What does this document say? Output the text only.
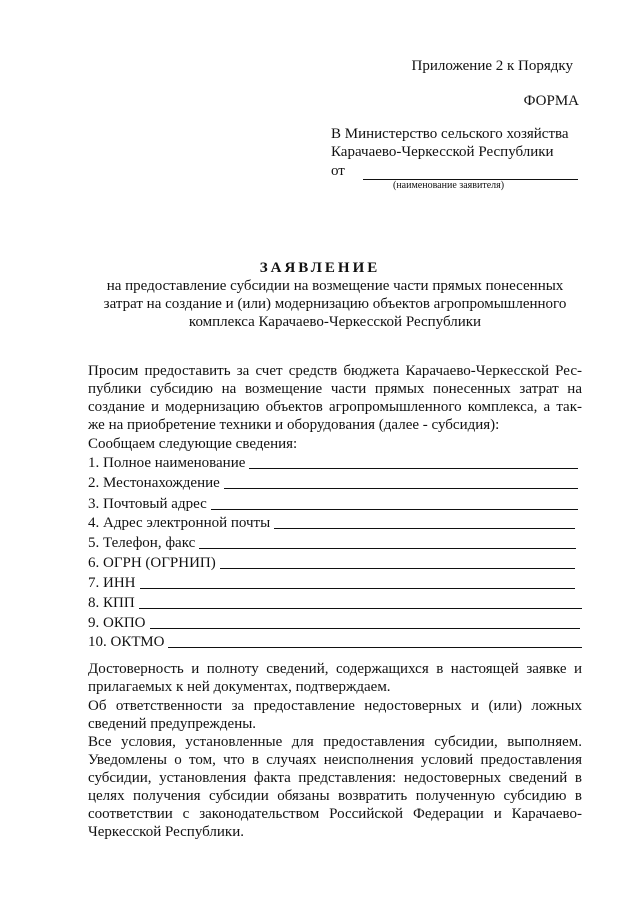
Приложение 2 к Порядку
ФОРМА
В Министерство сельского хозяйства
Карачаево-Черкесской Республики
от
(наименование заявителя)
ЗАЯВЛЕНИЕ
на предоставление субсидии на возмещение части прямых понесенных
затрат на создание и (или) модернизацию объектов агропромышленного
комплекса Карачаево-Черкесской Республики
Просим предоставить за счет средств бюджета Карачаево-Черкесской Рес-
публики субсидию на возмещение части прямых понесенных затрат на
создание и модернизацию объектов агропромышленного комплекса, а так-
же на приобретение техники и оборудования (далее - субсидия):
Сообщаем следующие сведения:
1. Полное наименование
2. Местонахождение
3. Почтовый адрес
4. Адрес электронной почты
5. Телефон, факс
6. ОГРН (ОГРНИП)
7. ИНН
8. КПП
9. ОКПО
10. ОКТМО
Достоверность и полноту сведений, содержащихся в настоящей заявке и
прилагаемых к ней документах, подтверждаем.
Об ответственности за предоставление недостоверных и (или) ложных
сведений предупреждены.
Все условия, установленные для предоставления субсидии, выполняем.
Уведомлены о том, что в случаях неисполнения условий предоставления
субсидии, установления факта представления: недостоверных сведений в
целях получения субсидии обязаны возвратить полученную субсидию в
соответствии с законодательством Российской Федерации и Карачаево-
Черкесской Республики.
